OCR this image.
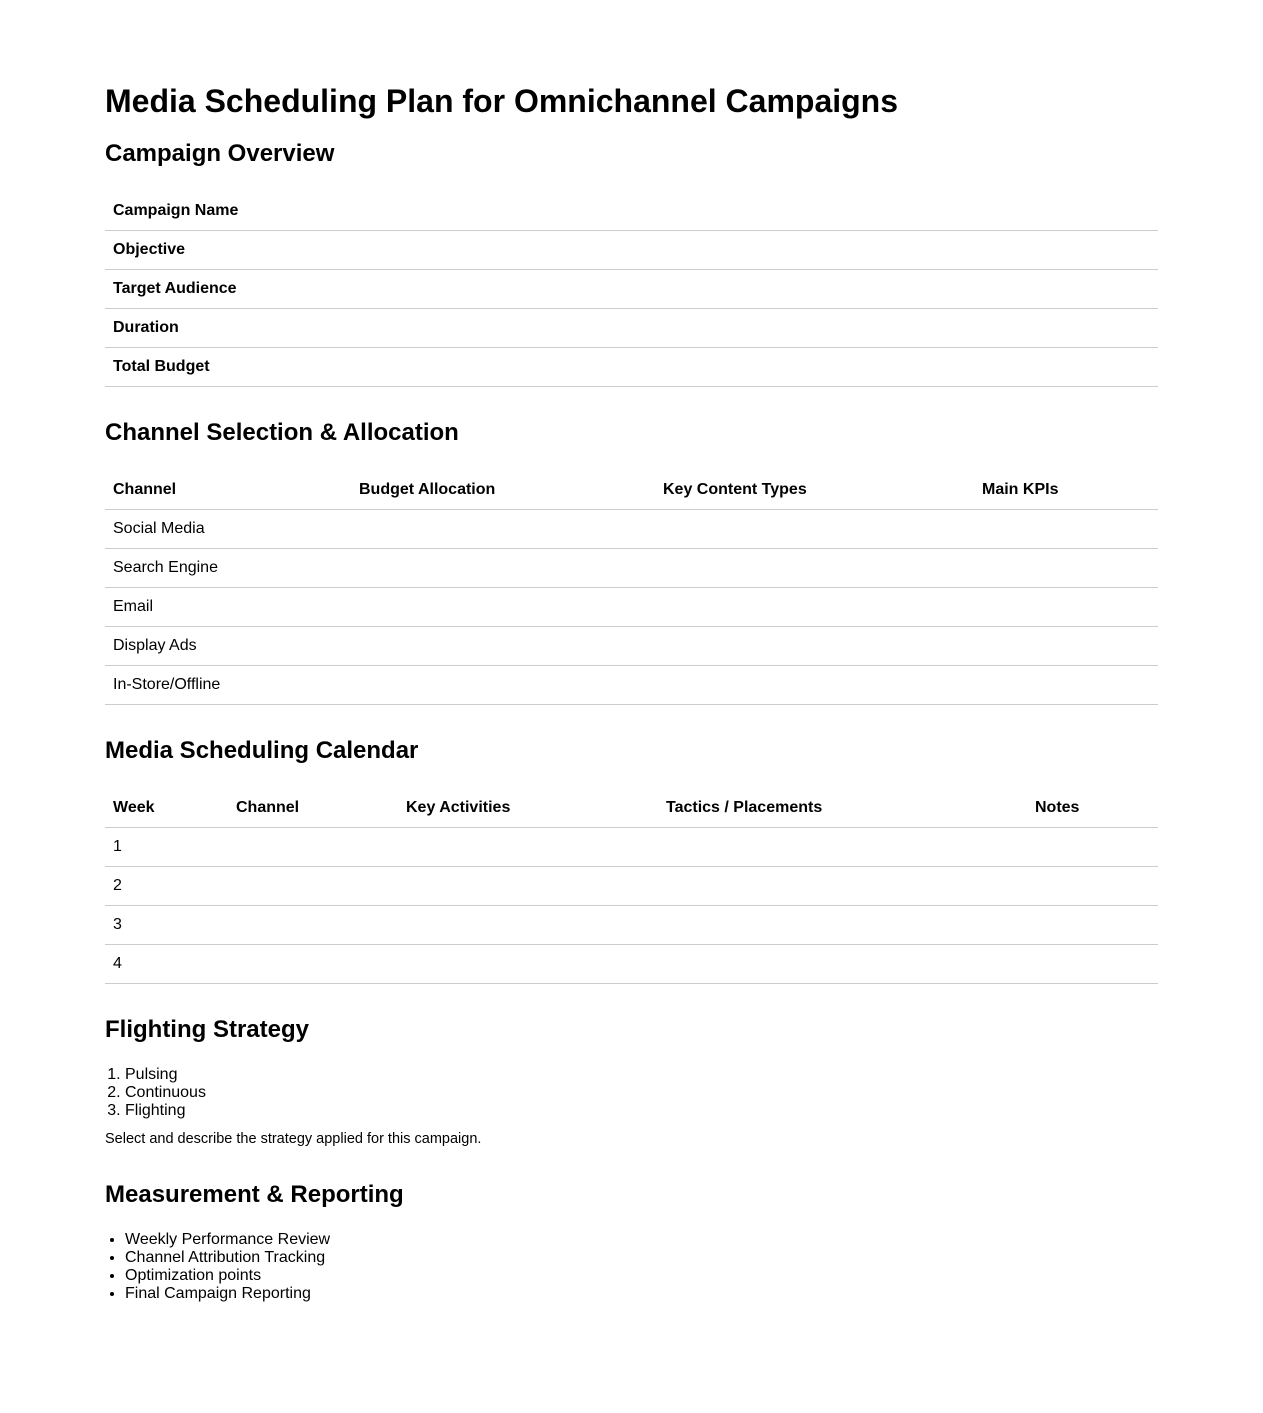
Media Scheduling Plan for Omnichannel Campaigns
Campaign Overview
Campaign Name	
Objective	
Target Audience	
Duration	
Total Budget	
Channel Selection & Allocation
Channel	Budget Allocation	Key Content Types	Main KPIs
Social Media			
Search Engine			
Email			
Display Ads			
In-Store/Offline			
Media Scheduling Calendar
Week	Channel	Key Activities	Tactics / Placements	Notes
1				
2				
3				
4				
Flighting Strategy
1. Pulsing
2. Continuous
3. Flighting

Select and describe the strategy applied for this campaign.

Measurement & Reporting
• Weekly Performance Review
• Channel Attribution Tracking
• Optimization points
• Final Campaign Reporting
